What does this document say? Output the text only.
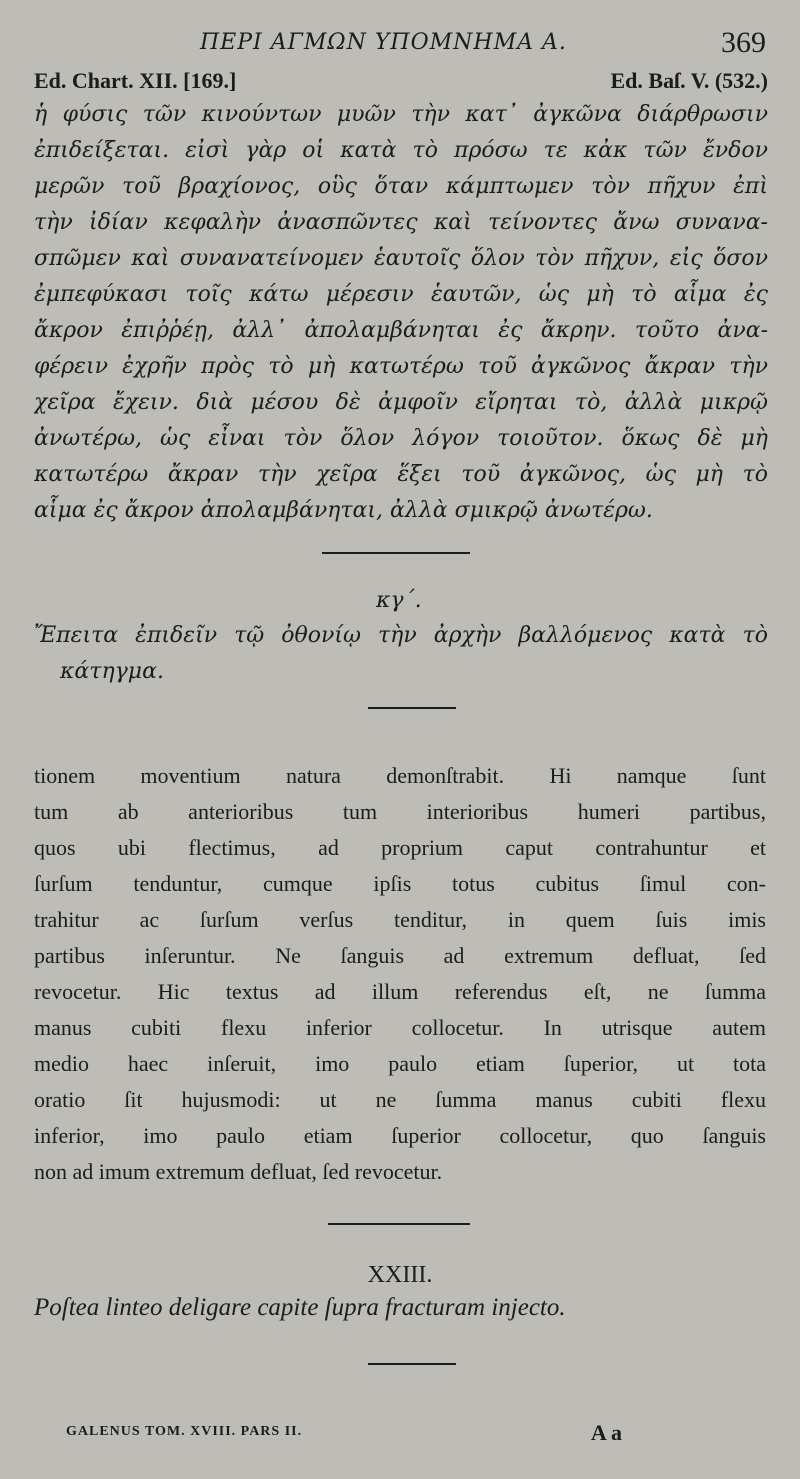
ΠΕΡΙ ΑΓΜΩΝ ΥΠΟΜΝΗΜΑ Α.	369
Ed. Chart. XII. [169.]	Ed. Baſ. V. (532.)
ἡ φύσις τῶν κινούντων μυῶν τὴν κατ᾽ ἀγκῶνα διάρθρωσιν
ἐπιδείξεται. εἰσὶ γὰρ οἱ κατὰ τὸ πρόσω τε κἀκ τῶν ἔνδον
μερῶν τοῦ βραχίονος, οὓς ὅταν κάμπτωμεν τὸν πῆχυν ἐπὶ
τὴν ἰδίαν κεφαλὴν ἀνασπῶντες καὶ τείνοντες ἄνω συνανα-
σπῶμεν καὶ συνανατείνομεν ἑαυτοῖς ὅλον τὸν πῆχυν, εἰς ὅσον
ἐμπεφύκασι τοῖς κάτω μέρεσιν ἑαυτῶν, ὡς μὴ τὸ αἷμα ἐς
ἄκρον ἐπιῤῥέῃ, ἀλλ᾽ ἀπολαμβάνηται ἐς ἄκρην. τοῦτο ἀνα-
φέρειν ἐχρῆν πρὸς τὸ μὴ κατωτέρω τοῦ ἀγκῶνος ἄκραν τὴν
χεῖρα ἔχειν. διὰ μέσου δὲ ἀμφοῖν εἴρηται τὸ, ἀλλὰ μικρῷ
ἀνωτέρω, ὡς εἶναι τὸν ὅλον λόγον τοιοῦτον. ὅκως δὲ μὴ
κατωτέρω ἄκραν τὴν χεῖρα ἕξει τοῦ ἀγκῶνος, ὡς μὴ τὸ
αἷμα ἐς ἄκρον ἀπολαμβάνηται, ἀλλὰ σμικρῷ ἀνωτέρω.
κγ΄.
Ἔπειτα ἐπιδεῖν τῷ ὀθονίῳ τὴν ἀρχὴν βαλλόμενος κατὰ τὸ
κάτηγμα.
tionem moventium natura demonſtrabit. Hi namque ſunt
tum ab anterioribus tum interioribus humeri partibus,
quos ubi flectimus, ad proprium caput contrahuntur et
ſurſum tenduntur, cumque ipſis totus cubitus ſimul con-
trahitur ac ſurſum verſus tenditur, in quem ſuis imis
partibus inſeruntur. Ne ſanguis ad extremum defluat, ſed
revocetur. Hic textus ad illum referendus eſt, ne ſumma
manus cubiti flexu inferior collocetur. In utrisque autem
medio haec inſeruit, imo paulo etiam ſuperior, ut tota
oratio ſit hujusmodi: ut ne ſumma manus cubiti flexu
inferior, imo paulo etiam ſuperior collocetur, quo ſanguis
non ad imum extremum defluat, ſed revocetur.
XXIII.
Poſtea linteo deligare capite ſupra fracturam injecto.
GALENUS TOM. XVIII. PARS II.	A a
